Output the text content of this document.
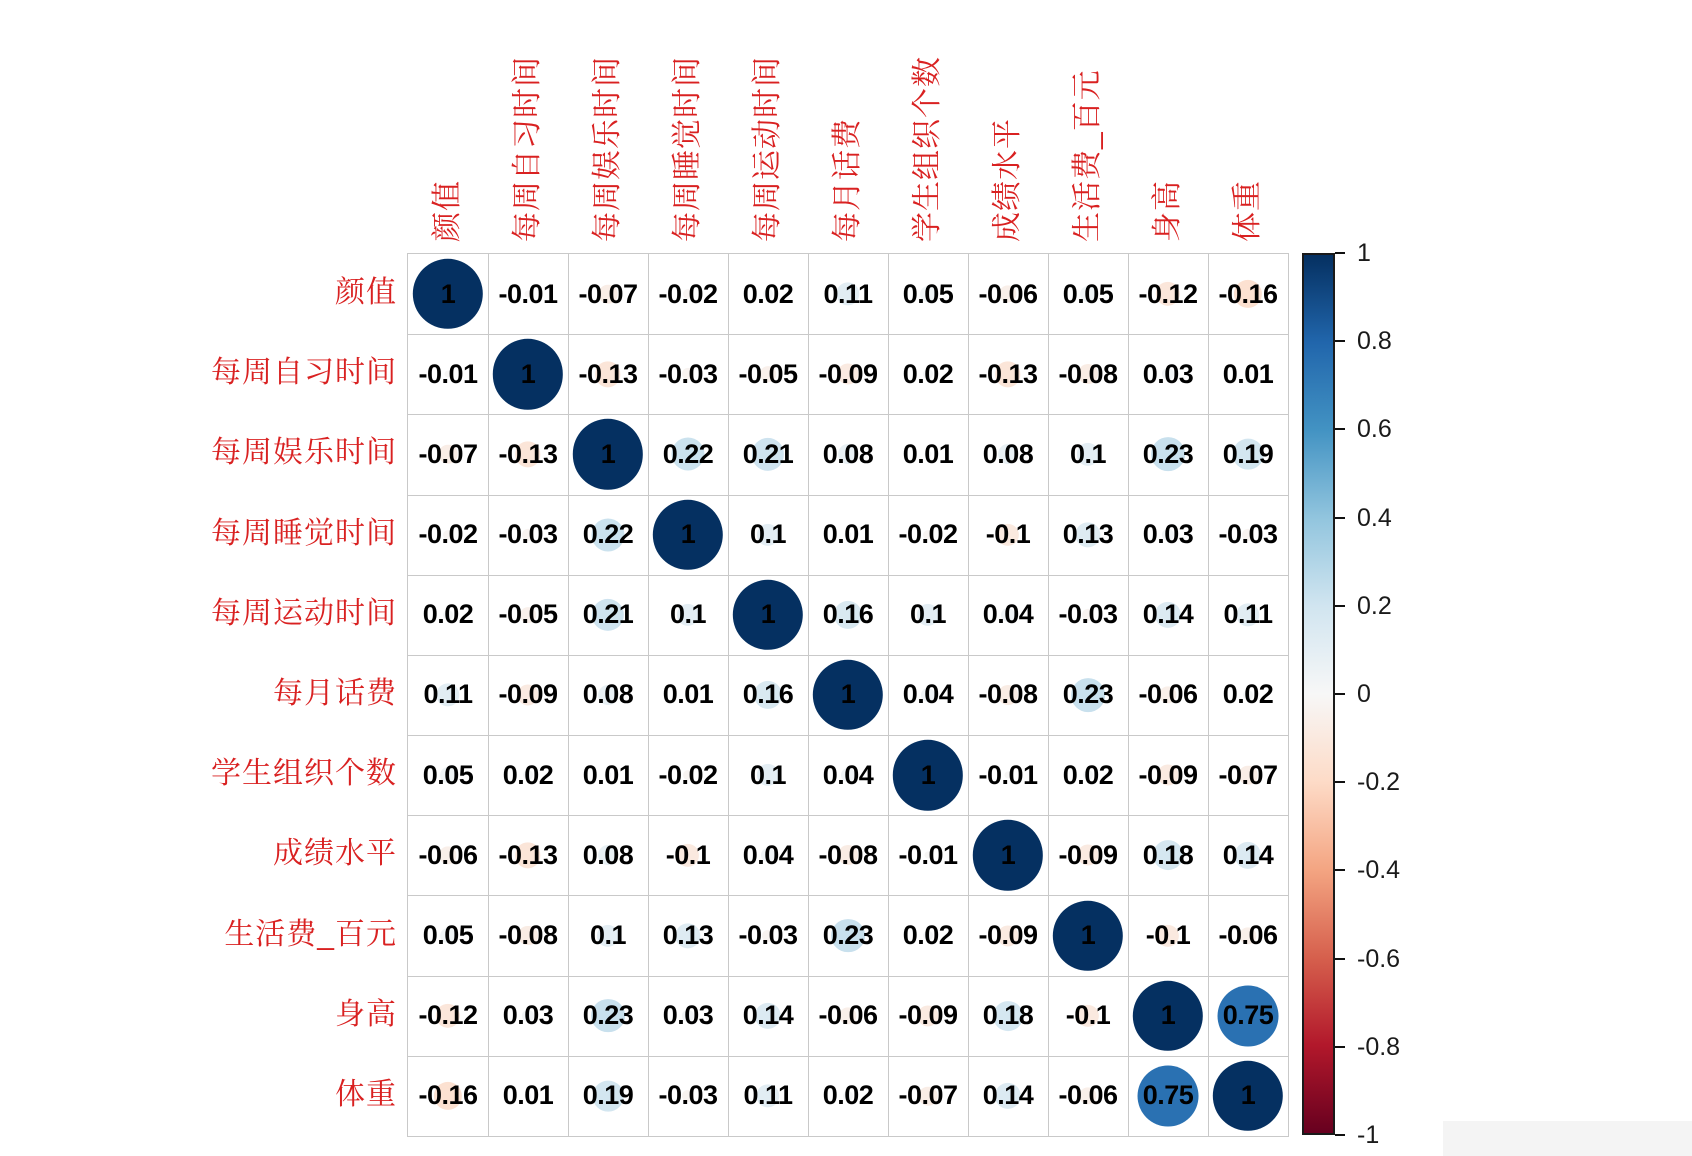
颜值 每周自习时间 每周娱乐时间 每周睡觉时间 每周运动时间 每月话费 学生组织个数 成绩水平 生活费_百元 身高 体重
颜值
每周自习时间
每周娱乐时间
每周睡觉时间
每周运动时间
每月话费
学生组织个数
成绩水平
生活费_百元
身高
体重
1 -0.01 -0.07 -0.02 0.02 0.11 0.05 -0.06 0.05 -0.12 -0.16
-0.01 1 -0.13 -0.03 -0.05 -0.09 0.02 -0.13 -0.08 0.03 0.01
-0.07 -0.13 1 0.22 0.21 0.08 0.01 0.08 0.1 0.23 0.19
-0.02 -0.03 0.22 1 0.1 0.01 -0.02 -0.1 0.13 0.03 -0.03
0.02 -0.05 0.21 0.1 1 0.16 0.1 0.04 -0.03 0.14 0.11
0.11 -0.09 0.08 0.01 0.16 1 0.04 -0.08 0.23 -0.06 0.02
0.05 0.02 0.01 -0.02 0.1 0.04 1 -0.01 0.02 -0.09 -0.07
-0.06 -0.13 0.08 -0.1 0.04 -0.08 -0.01 1 -0.09 0.18 0.14
0.05 -0.08 0.1 0.13 -0.03 0.23 0.02 -0.09 1 -0.1 -0.06
-0.12 0.03 0.23 0.03 0.14 -0.06 -0.09 0.18 -0.1 1 0.75
-0.16 0.01 0.19 -0.03 0.11 0.02 -0.07 0.14 -0.06 0.75 1
1
0.8
0.6
0.4
0.2
0
-0.2
-0.4
-0.6
-0.8
-1
